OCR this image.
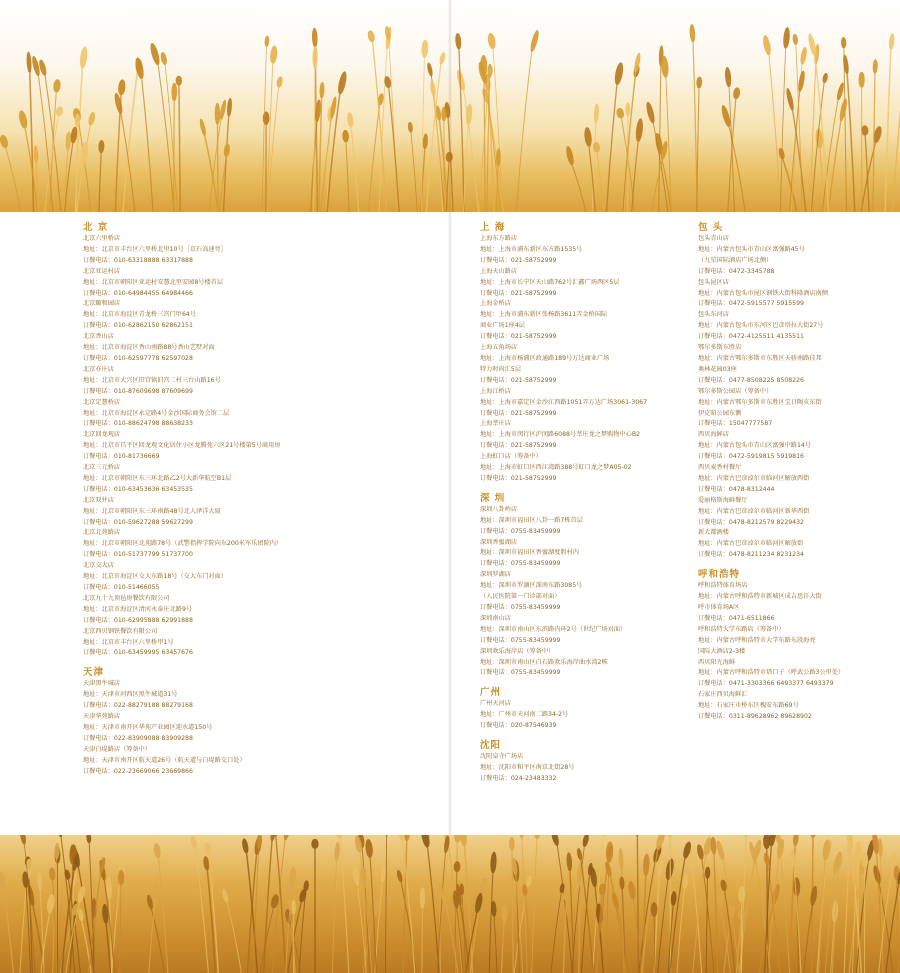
北 京
北京六里桥店
地址：北京市丰台区六里桥北里10号［京石高速旁］
订餐电话：010-63318888 63317888
北京亚运村店
地址：北京市朝阳区亚运村安慧北里安园8号楼首层
订餐电话：010-64984455 64984466
北京颐和园店
地址：北京市海淀区青龙桥三宫门甲64号
订餐电话：010-62862150 62862151
北京香山店
地址：北京市海淀区香山南路88号香山艺墅对面
订餐电话：010-62597778 62597028
北京亦庄店
地址：北京市大兴区旧宫镇旧宫二村三台山路16号
订餐电话：010-87609698 87609699
北京定慧桥店
地址：北京市海淀区永定路4号金沙国际商务会馆二层
订餐电话：010-88624798 88638233
北京回龙观店
地址：北京市昌平区回龙观文化居住小区龙腾苑六区21号楼第5号商用房
订餐电话：010-81736669
北京三元桥店
地址：北京市朝阳区东三环北路乙2号大新华航空B1层
订餐电话：010-63453636 63453535
北京双井店
地址：北京市朝阳区东三环南路48号北人泽洋大厦
订餐电话：010-59627288 59627299
北京北苑路店
地址：北京市朝阳区北苑路78号（武警指挥学院向东200米军乐团院内）
订餐电话：010-51737799 51737700
北京交大店
地址：北京市海淀区交大东路18号（交大东门对面）
订餐电话：010-51466055
北京九十九顶毡房餐饮有限公司
地址：北京市海淀区清河永泰庄北路9号
订餐电话：010-62995888 62991888
北京西贝钢铁餐饮有限公司
地址：北京市丰台区六里桥甲1号
订餐电话：010-63459995 63457676
天津
天津黑牛城店
地址：天津市河西区黑牛城道31号
订餐电话：022-88279188 88279168
天津华苑路店
地址：天津市南开区华苑产业园区迎水道150号
订餐电话：022-83909088 83909288
天津白堤路店（筹备中）
地址：天津市南开区航天道26号（航天道与白堤路交口处）
订餐电话：022-23669066 23669866
上 海
上海东方路店
地址：上海市浦东新区东方路1535号
订餐电话：021-58752999
上海天山路店
地址：上海市长宁区天山路762号汇鑫广场西区5层
订餐电话：021-58752999
上海金桥店
地址：上海市浦东新区张杨路3611弄金桥国际
商业广场1座4层
订餐电话：021-58752999
上海五角场店
地址：上海市杨浦区政通路189号万达商业广场
特力时尚汇5层
订餐电话：021-58752999
上海江桥店
地址：上海市嘉定区金沙江西路1051弄万达广场3061-3067
订餐电话：021-58752999
上海莘庄店
地址：上海市闵行区沪闵路6088号莘庄龙之梦购物中心B2
订餐电话：021-58752999
上海虹口店（筹备中）
地址：上海市虹口区西江湾路388号虹口龙之梦A05-02
订餐电话：021-58752999
深 圳
深圳八卦岭店
地址：深圳市福田区八卦一路7栋首层
订餐电话：0755-83459999
深圳香蜜湖店
地址：深圳市福田区香蜜湖度假村内
订餐电话：0755-83459999
深圳罗湖店
地址：深圳市罗湖区深南东路3085号
（人民医院第一门诊部对面）
订餐电话：0755-83459999
深圳南山店
地址：深圳市南山区东滨路内环2号（世纪广场对面）
订餐电话：0755-83459999
深圳欢乐海岸店（筹备中）
地址：深圳市南山区白石路欢乐海岸曲水湾2栋
订餐电话：0755-83459999
广州
广州天河店
地址：广州市天河南二路34-2号
订餐电话：020-87546939
沈阳
沈阳皇寺广场店
地址：沈阳市和平区南京北街28号
订餐电话：024-23483332
包 头
包头青山店
地址：内蒙古包头市青山区富强路45号
（九星国际酒店广场北侧）
订餐电话：0472-3345788
包头昆区店
地址：内蒙古包头市昆区钢铁大街科隆酒店南侧
订餐电话：0472-5915577 5915599
包头东河店
地址：内蒙古包头市东河区巴彦塔拉大街27号
订餐电话：0472-4125511 4135511
鄂尔多斯东胜店
地址：内蒙古鄂尔多斯市东胜区天骄南路佳邦
奥林花园03座
订餐电话：0477-8508225 8508226
鄂尔多斯公园店（筹备中）
地址：内蒙古鄂尔多斯市东胜区宝日陶亥东街
伊克昭公园东侧
订餐电话：15047777587
西贝海鲜店
地址：内蒙古包头市青山区富强中路14号
订餐电话：0472-5919815 5919816
西贝麦香村餐厅
地址：内蒙古巴彦淖尔市临河区解放西街
订餐电话：0478-8312444
爱丽格斯海鲜餐厅
地址：内蒙古巴彦淖尔市临河区新华西街
订餐电话：0478-8212579 8229432
新大都酒楼
地址：内蒙古巴彦淖尔市临河区解放街
订餐电话：0478-8211234 8231234
呼和浩特
呼和浩特体育场店
地址：内蒙古呼和浩特市新城区成吉思汗大街
呼市体育场A区
订餐电话：0471-6511866
呼和浩特大学东路店（筹备中）
地址：内蒙古呼和浩特市大学东路东段海亮
国际大酒店2-3楼
西贝阳光海鲜
地址：内蒙古呼和浩特市塔口子（呼武公路3公里处）
订餐电话：0471-3303366 6493377 6493379
石家庄西贝海鲜汇
地址：石家庄市桥东区槐安东路69号
订餐电话：0311-89628962 89628902
